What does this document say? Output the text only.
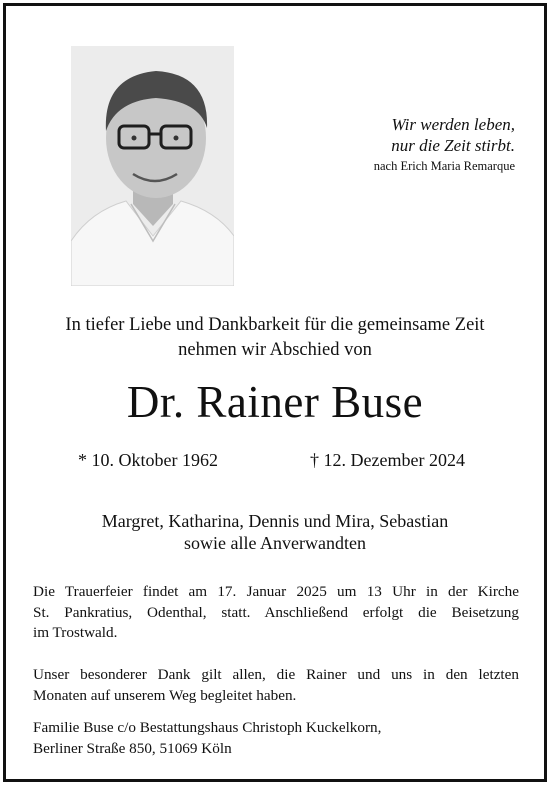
Wir werden leben,
nur die Zeit stirbt.
nach Erich Maria Remarque
In tiefer Liebe und Dankbarkeit für die gemeinsame Zeit
nehmen wir Abschied von
Dr. Rainer Buse
* 10. Oktober 1962	† 12. Dezember 2024
Margret, Katharina, Dennis und Mira, Sebastian
sowie alle Anverwandten
Die Trauerfeier findet am 17. Januar 2025 um 13 Uhr in der Kirche
St. Pankratius, Odenthal, statt. Anschließend erfolgt die Beisetzung
im Trostwald.
Unser besonderer Dank gilt allen, die Rainer und uns in den letzten
Monaten auf unserem Weg begleitet haben.
Familie Buse c/o Bestattungshaus Christoph Kuckelkorn,
Berliner Straße 850, 51069 Köln
